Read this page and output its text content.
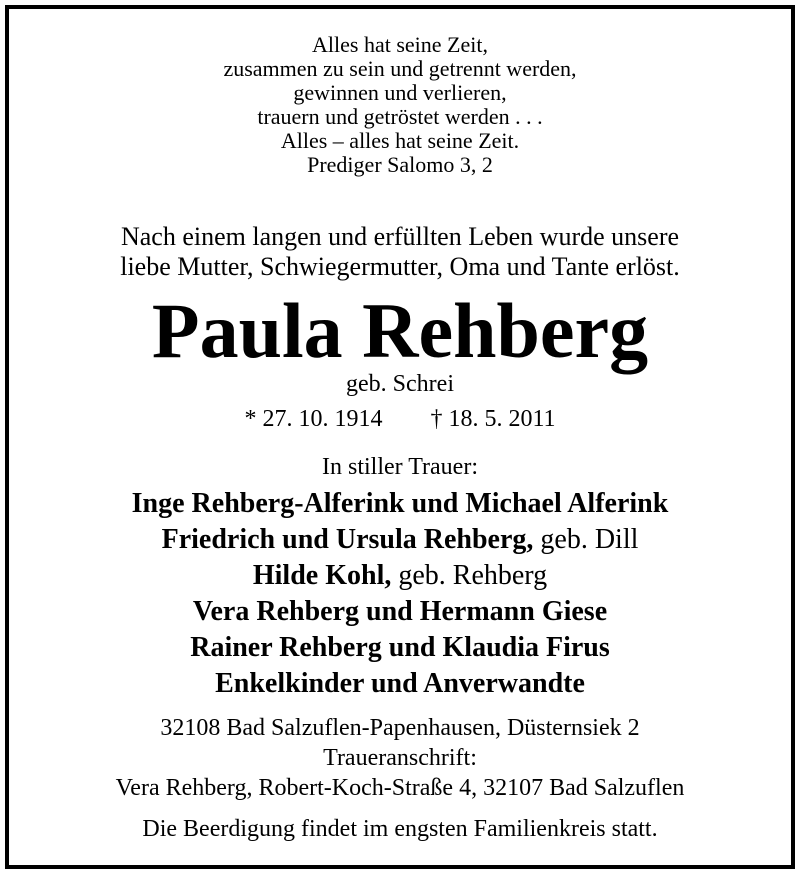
Alles hat seine Zeit,
zusammen zu sein und getrennt werden,
gewinnen und verlieren,
trauern und getröstet werden . . .
Alles – alles hat seine Zeit.
Prediger Salomo 3, 2
Nach einem langen und erfüllten Leben wurde unsere
liebe Mutter, Schwiegermutter, Oma und Tante erlöst.
Paula Rehberg
geb. Schrei
* 27. 10. 1914 † 18. 5. 2011
In stiller Trauer:
Inge Rehberg-Alferink und Michael Alferink
Friedrich und Ursula Rehberg, geb. Dill
Hilde Kohl, geb. Rehberg
Vera Rehberg und Hermann Giese
Rainer Rehberg und Klaudia Firus
Enkelkinder und Anverwandte
32108 Bad Salzuflen-Papenhausen, Düsternsiek 2
Traueranschrift:
Vera Rehberg, Robert-Koch-Straße 4, 32107 Bad Salzuflen
Die Beerdigung findet im engsten Familienkreis statt.
